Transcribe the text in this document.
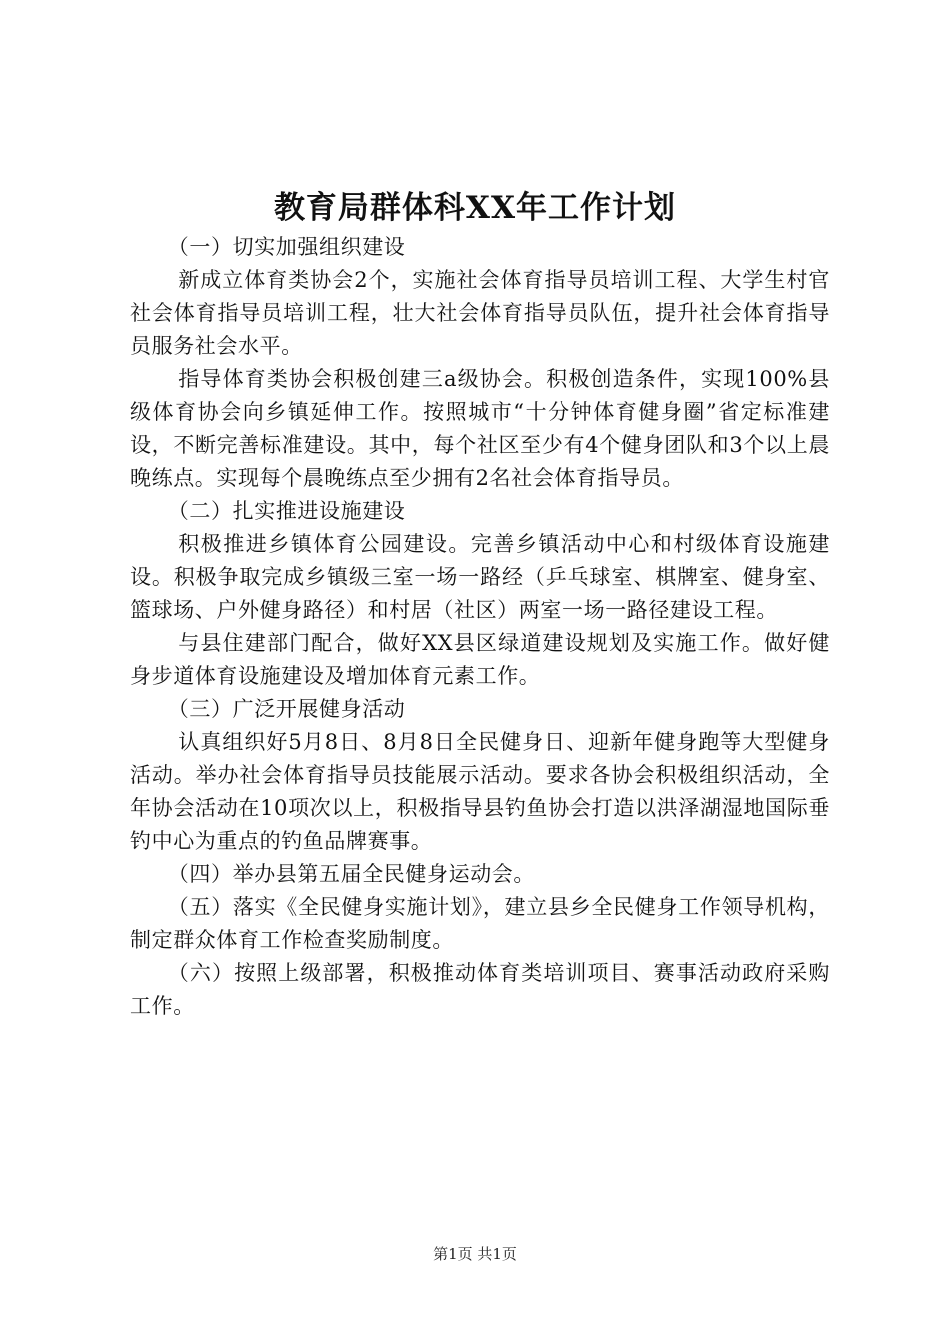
教育局群体科XX年工作计划

（一）切实加强组织建设

新成立体育类协会2个，实施社会体育指导员培训工程、大学生村官社会体育指导员培训工程，壮大社会体育指导员队伍，提升社会体育指导员服务社会水平。

指导体育类协会积极创建三a级协会。积极创造条件，实现100%县级体育协会向乡镇延伸工作。按照城市“十分钟体育健身圈”省定标准建设，不断完善标准建设。其中，每个社区至少有4个健身团队和3个以上晨晚练点。实现每个晨晚练点至少拥有2名社会体育指导员。

（二）扎实推进设施建设

积极推进乡镇体育公园建设。完善乡镇活动中心和村级体育设施建设。积极争取完成乡镇级三室一场一路经（乒乓球室、棋牌室、健身室、篮球场、户外健身路径）和村居（社区）两室一场一路径建设工程。

与县住建部门配合，做好XX县区绿道建设规划及实施工作。做好健身步道体育设施建设及增加体育元素工作。

（三）广泛开展健身活动

认真组织好5月8日、8月8日全民健身日、迎新年健身跑等大型健身活动。举办社会体育指导员技能展示活动。要求各协会积极组织活动，全年协会活动在10项次以上，积极指导县钓鱼协会打造以洪泽湖湿地国际垂钓中心为重点的钓鱼品牌赛事。

（四）举办县第五届全民健身运动会。

（五）落实《全民健身实施计划》，建立县乡全民健身工作领导机构，制定群众体育工作检查奖励制度。

（六）按照上级部署，积极推动体育类培训项目、赛事活动政府采购工作。

第1页 共1页
